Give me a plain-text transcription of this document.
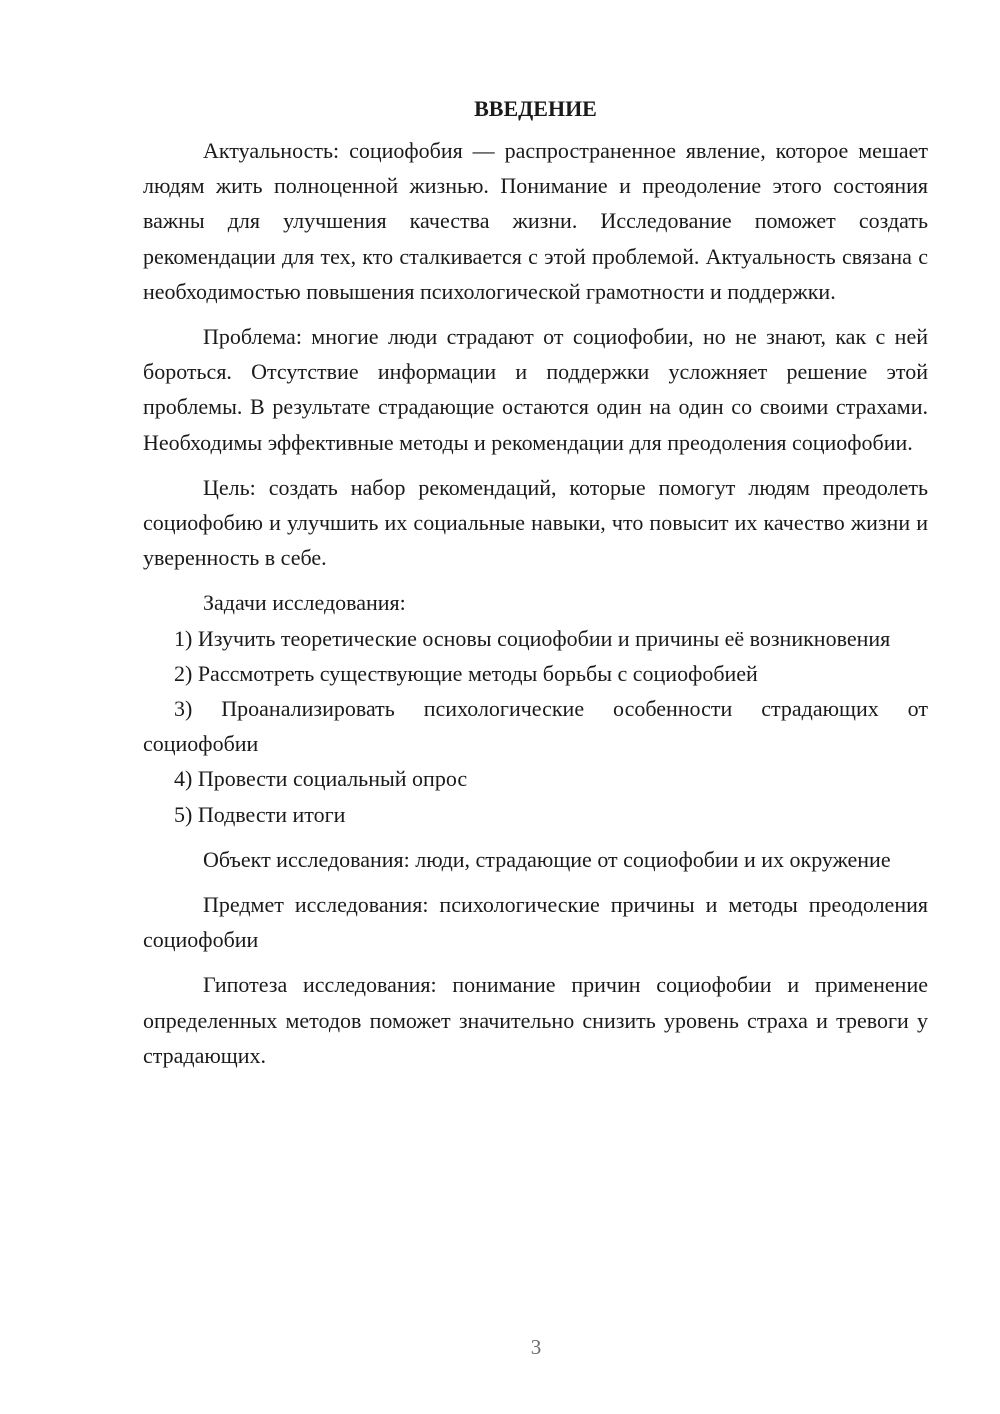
ВВЕДЕНИЕ

Актуальность: социофобия — распространенное явление, которое мешает людям жить полноценной жизнью. Понимание и преодоление этого состояния важны для улучшения качества жизни. Исследование поможет создать рекомендации для тех, кто сталкивается с этой проблемой. Актуальность связана с необходимостью повышения психологической грамотности и поддержки.

Проблема: многие люди страдают от социофобии, но не знают, как с ней бороться. Отсутствие информации и поддержки усложняет решение этой проблемы. В результате страдающие остаются один на один со своими страхами. Необходимы эффективные методы и рекомендации для преодоления социофобии.

Цель: создать набор рекомендаций, которые помогут людям преодолеть социофобию и улучшить их социальные навыки, что повысит их качество жизни и уверенность в себе.

Задачи исследования:

1) Изучить теоретические основы социофобии и причины её возникновения

2) Рассмотреть существующие методы борьбы с социофобией

3) Проанализировать психологические особенности страдающих от социофобии

4) Провести социальный опрос

5) Подвести итоги

Объект исследования: люди, страдающие от социофобии и их окружение

Предмет исследования: психологические причины и методы преодоления социофобии

Гипотеза исследования: понимание причин социофобии и применение определенных методов поможет значительно снизить уровень страха и тревоги у страдающих.

3
